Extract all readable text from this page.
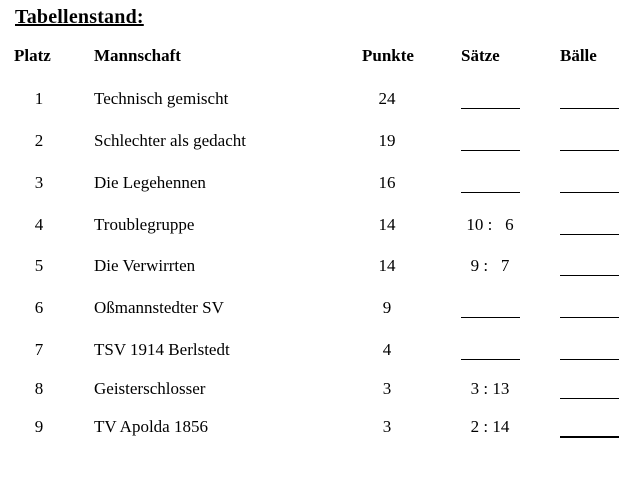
Tabellenstand:
Platz	Mannschaft	Punkte	Sätze	Bälle
1	Technisch gemischt	24
2	Schlechter als gedacht	19
3	Die Legehennen	16
4	Troublegruppe	14	10 :   6
5	Die Verwirrten	14	9 :   7
6	Oßmannstedter SV	9
7	TSV 1914 Berlstedt	4
8	Geisterschlosser	3	3 : 13
9	TV Apolda 1856	3	2 : 14
